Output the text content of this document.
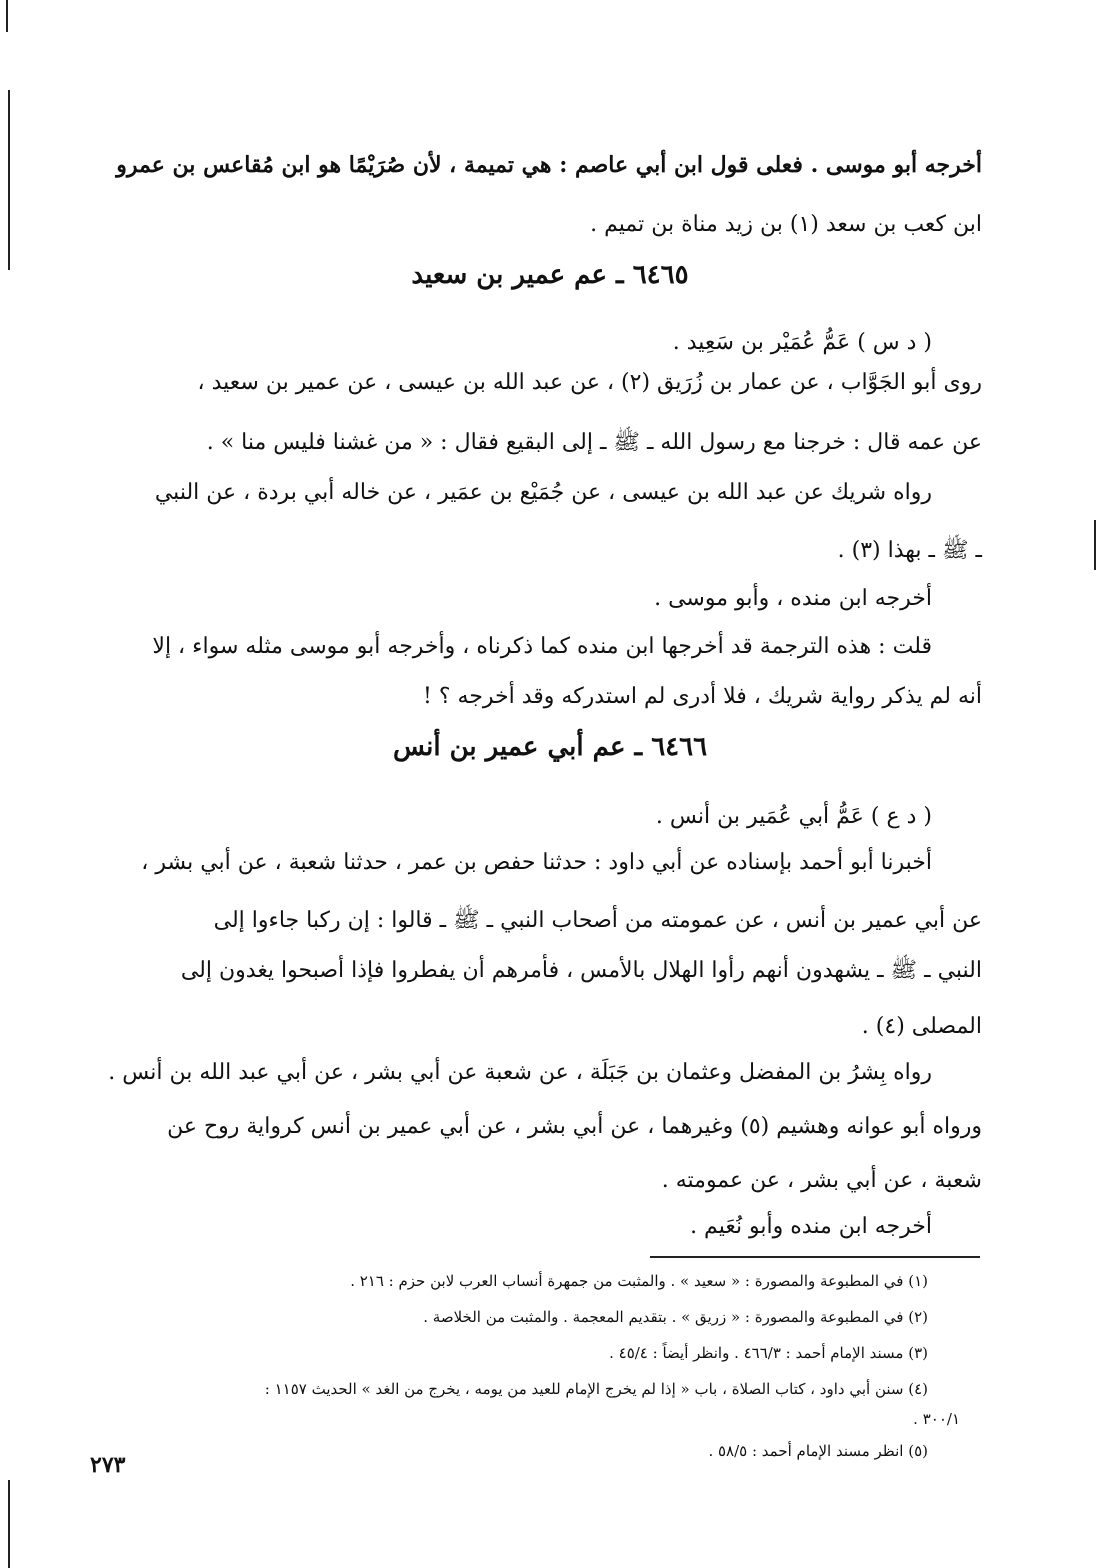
أخرجه أبو موسى . فعلى قول ابن أبي عاصم : هي تميمة ، لأن صُرَيْمًا هو ابن مُقاعس بن عمرو
ابن كعب بن سعد (١) بن زيد مناة بن تميم .
٦٤٦٥ ـ عم عمير بن سعيد
( د س ) عَمُّ عُمَيْر بن سَعِيد .
روى أبو الجَوَّاب ، عن عمار بن زُرَيق (٢) ، عن عبد الله بن عيسى ، عن عمير بن سعيد ،
عن عمه قال : خرجنا مع رسول الله ـ ﷺ ـ إلى البقيع فقال : « من غشنا فليس منا » .
رواه شريك عن عبد الله بن عيسى ، عن جُمَيْع بن عمَير ، عن خاله أبي بردة ، عن النبي
ـ ﷺ ـ بهذا (٣) .
أخرجه ابن منده ، وأبو موسى .
قلت : هذه الترجمة قد أخرجها ابن منده كما ذكرناه ، وأخرجه أبو موسى مثله سواء ، إلا
أنه لم يذكر رواية شريك ، فلا أدرى لم استدركه وقد أخرجه ؟ !
٦٤٦٦ ـ عم أبي عمير بن أنس
( د ع ) عَمُّ أبي عُمَير بن أنس .
أخبرنا أبو أحمد بإسناده عن أبي داود : حدثنا حفص بن عمر ، حدثنا شعبة ، عن أبي بشر ،
عن أبي عمير بن أنس ، عن عمومته من أصحاب النبي ـ ﷺ ـ قالوا : إن ركبا جاءوا إلى
النبي ـ ﷺ ـ يشهدون أنهم رأوا الهلال بالأمس ، فأمرهم أن يفطروا فإذا أصبحوا يغدون إلى
المصلى (٤) .
رواه بِشرُ بن المفضل وعثمان بن جَبَلَة ، عن شعبة عن أبي بشر ، عن أبي عبد الله بن أنس .
ورواه أبو عوانه وهشيم (٥) وغيرهما ، عن أبي بشر ، عن أبي عمير بن أنس كرواية روح عن
شعبة ، عن أبي بشر ، عن عمومته .
أخرجه ابن منده وأبو نُعَيم .
(١) في المطبوعة والمصورة : « سعيد » . والمثبت من جمهرة أنساب العرب لابن حزم : ٢١٦ .
(٢) في المطبوعة والمصورة : « زريق » . بتقديم المعجمة . والمثبت من الخلاصة .
(٣) مسند الإمام أحمد : ٤٦٦/٣ . وانظر أيضاً : ٤٥/٤ .
(٤) سنن أبي داود ، كتاب الصلاة ، باب « إذا لم يخرج الإمام للعيد من يومه ، يخرج من الغد » الحديث ١١٥٧ :
٣٠٠/١ .
(٥) انظر مسند الإمام أحمد : ٥٨/٥ .
٢٧٣
